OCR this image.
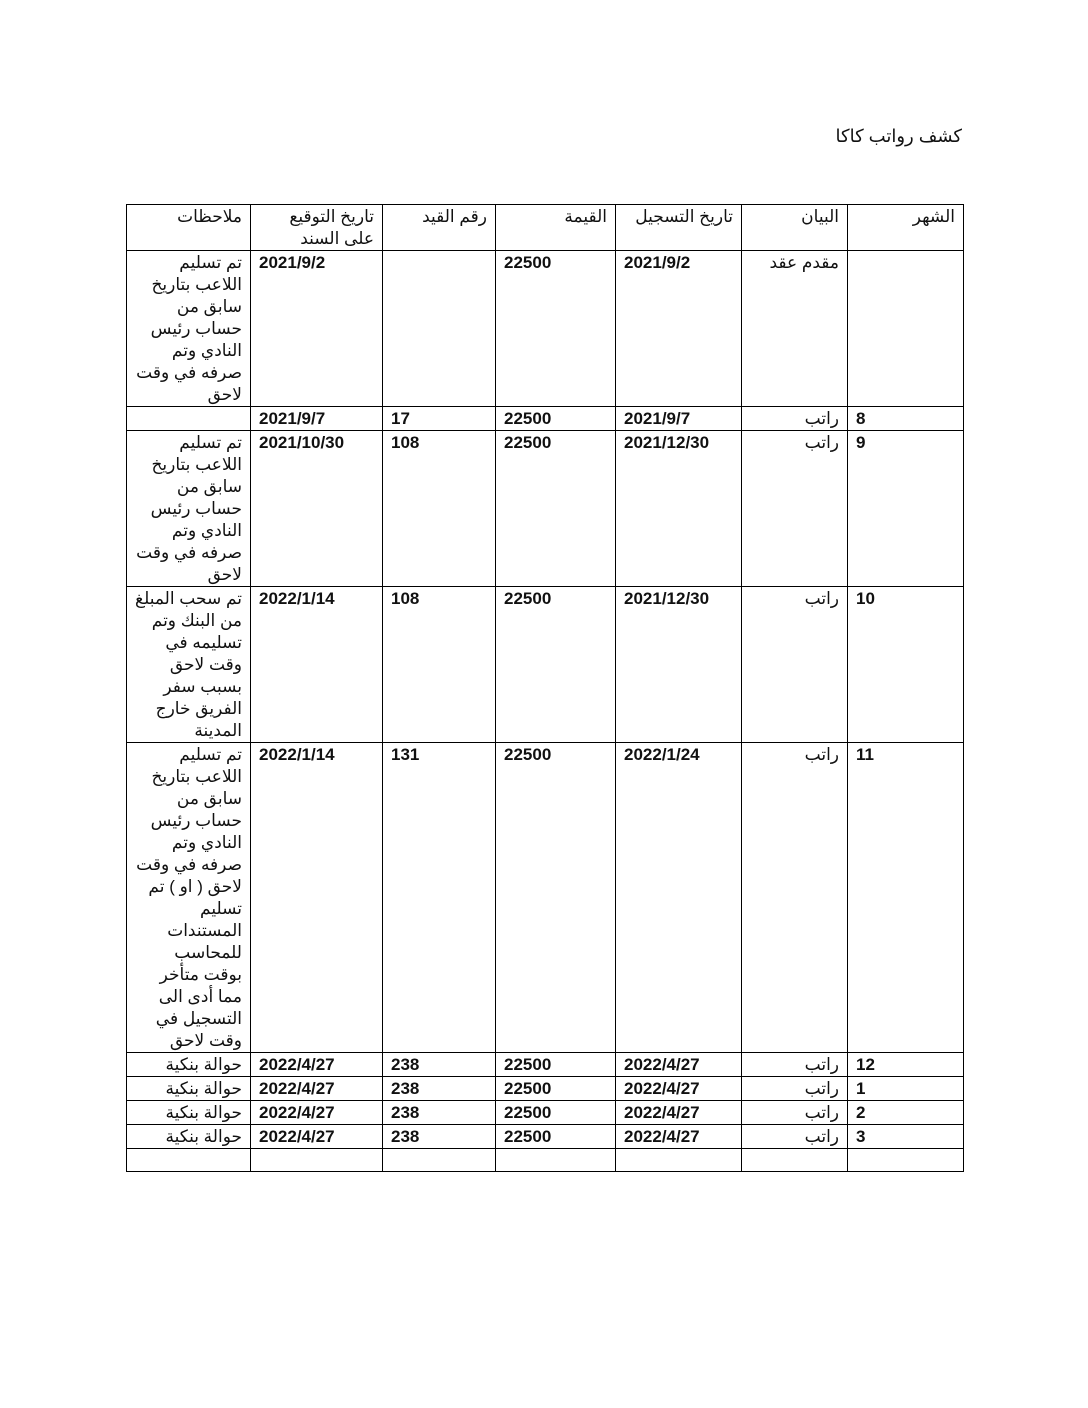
كشف رواتب كاكا
الشهر	البيان	تاريخ التسجيل	القيمة	رقم القيد	تاريخ التوقيع على السند	ملاحظات
	مقدم عقد	2021/9/2	22500		2021/9/2	تم تسليم اللاعب بتاريخ سابق من حساب رئيس النادي وتم صرفه في وقت لاحق
8	راتب	2021/9/7	22500	17	2021/9/7	
9	راتب	2021/12/30	22500	108	2021/10/30	تم تسليم اللاعب بتاريخ سابق من حساب رئيس النادي وتم صرفه في وقت لاحق
10	راتب	2021/12/30	22500	108	2022/1/14	تم سحب المبلغ من البنك وتم تسليمه في وقت لاحق بسبب سفر الفريق خارج المدينة
11	راتب	2022/1/24	22500	131	2022/1/14	تم تسليم اللاعب بتاريخ سابق من حساب رئيس النادي وتم صرفه في وقت لاحق ( او ) تم تسليم المستندات للمحاسب بوقت متأخر مما أدى الى التسجيل في وقت لاحق
12	راتب	2022/4/27	22500	238	2022/4/27	حوالة بنكية
1	راتب	2022/4/27	22500	238	2022/4/27	حوالة بنكية
2	راتب	2022/4/27	22500	238	2022/4/27	حوالة بنكية
3	راتب	2022/4/27	22500	238	2022/4/27	حوالة بنكية
